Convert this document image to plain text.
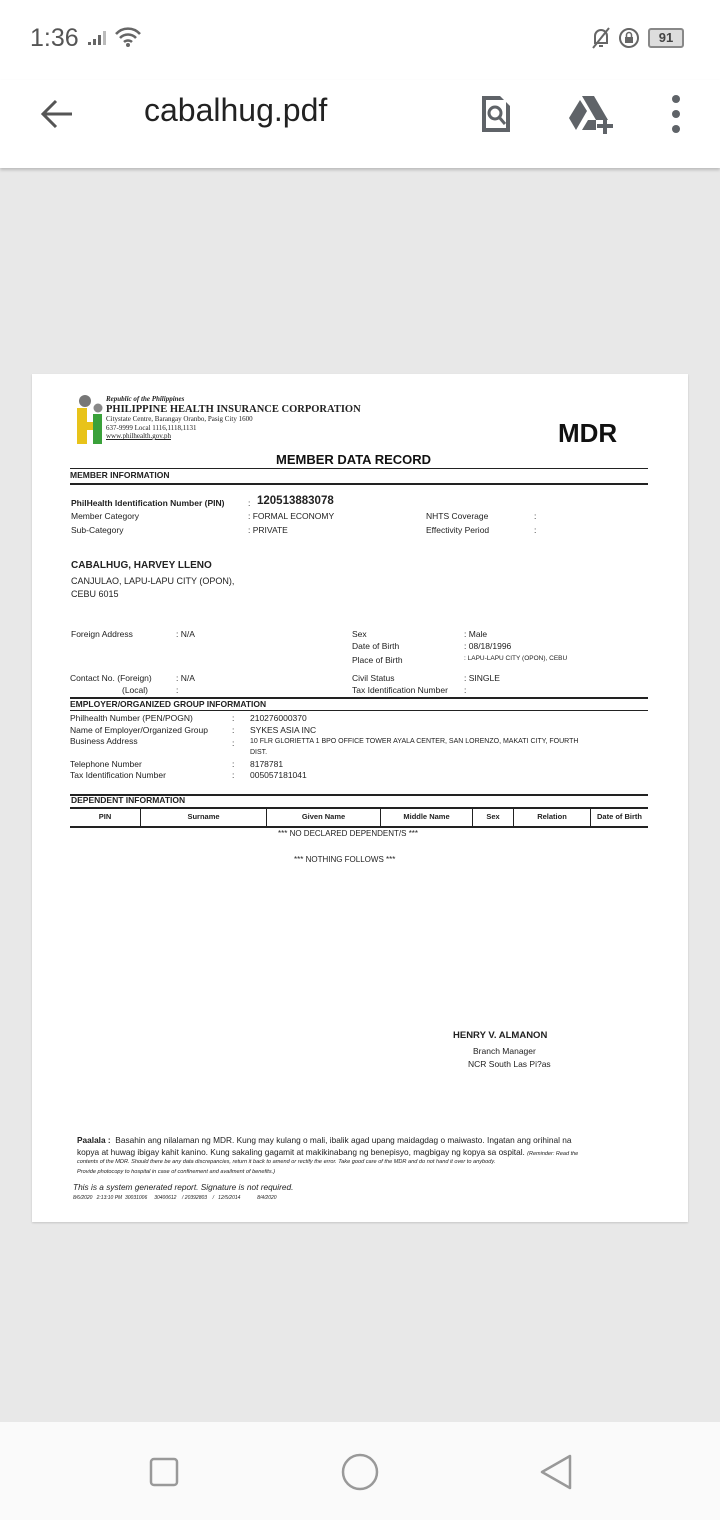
1:36	91
cabalhug.pdf
Republic of the Philippines
PHILIPPINE HEALTH INSURANCE CORPORATION
Citystate Centre, Barangay Oranbo, Pasig City 1600
637-9999 Local 1116,1118,1131
www.philhealth.gov.ph	MDR
MEMBER DATA RECORD
MEMBER INFORMATION
PhilHealth Identification Number (PIN)	: 120513883078
Member Category	: FORMAL ECONOMY
Sub-Category	: PRIVATE
NHTS Coverage	:
Effectivity Period	:
CABALHUG, HARVEY LLENO
CANJULAO, LAPU-LAPU CITY (OPON),
CEBU 6015
Foreign Address	: N/A	Sex	: Male
Date of Birth	: 08/18/1996
Place of Birth	: LAPU-LAPU CITY (OPON), CEBU
Contact No. (Foreign)	: N/A
(Local)	:
Civil Status	: SINGLE
Tax Identification Number :
EMPLOYER/ORGANIZED GROUP INFORMATION
Philhealth Number (PEN/POGN)	: 210276000370
Name of Employer/Organized Group	: SYKES ASIA INC
Business Address	: 10 FLR GLORIETTA 1 BPO OFFICE TOWER AYALA CENTER, SAN LORENZO, MAKATI CITY, FOURTH
DIST.
Telephone Number	: 8178781
Tax Identification Number	: 005057181041
DEPENDENT INFORMATION
PIN	Surname	Given Name	Middle Name	Sex	Relation	Date of Birth
*** NO DECLARED DEPENDENT/S ***
*** NOTHING FOLLOWS ***
HENRY V. ALMANON
Branch Manager
NCR South Las Pi?as
Paalala : Basahin ang nilalaman ng MDR. Kung may kulang o mali, ibalik agad upang maidagdag o maiwasto. Ingatan ang orihinal na
kopya at huwag ibigay kahit kanino. Kung sakaling gagamit at makikinabang ng benepisyo, magbigay ng kopya sa ospital. (Reminder: Read the
contents of the MDR. Should there be any data discrepancies, return it back to amend or rectify the error. Take good care of the MDR and do not hand it over to anybody.
Provide photocopy to hospital in case of confinement and availment of benefits.)
This is a system generated report. Signature is not required.
8/6/2020 2:13:10 PM 30031006 30400612 / 20392803 / 12/5/2014	8/4/2020
